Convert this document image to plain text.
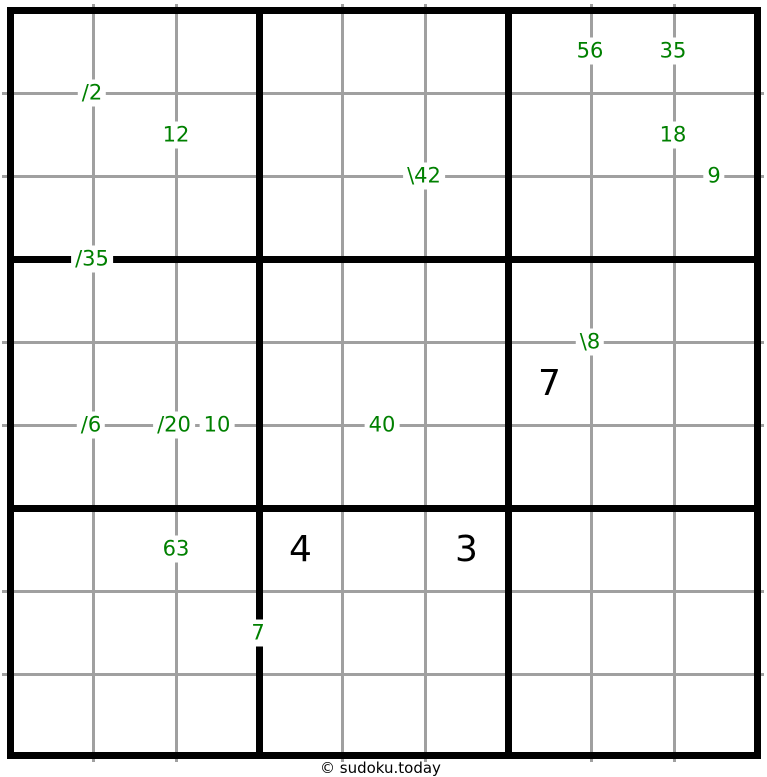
© sudoku.today
/2
12
56	35
18
9
\42
/35
\8
/6	/20 10	40
63
7
7
4	3
